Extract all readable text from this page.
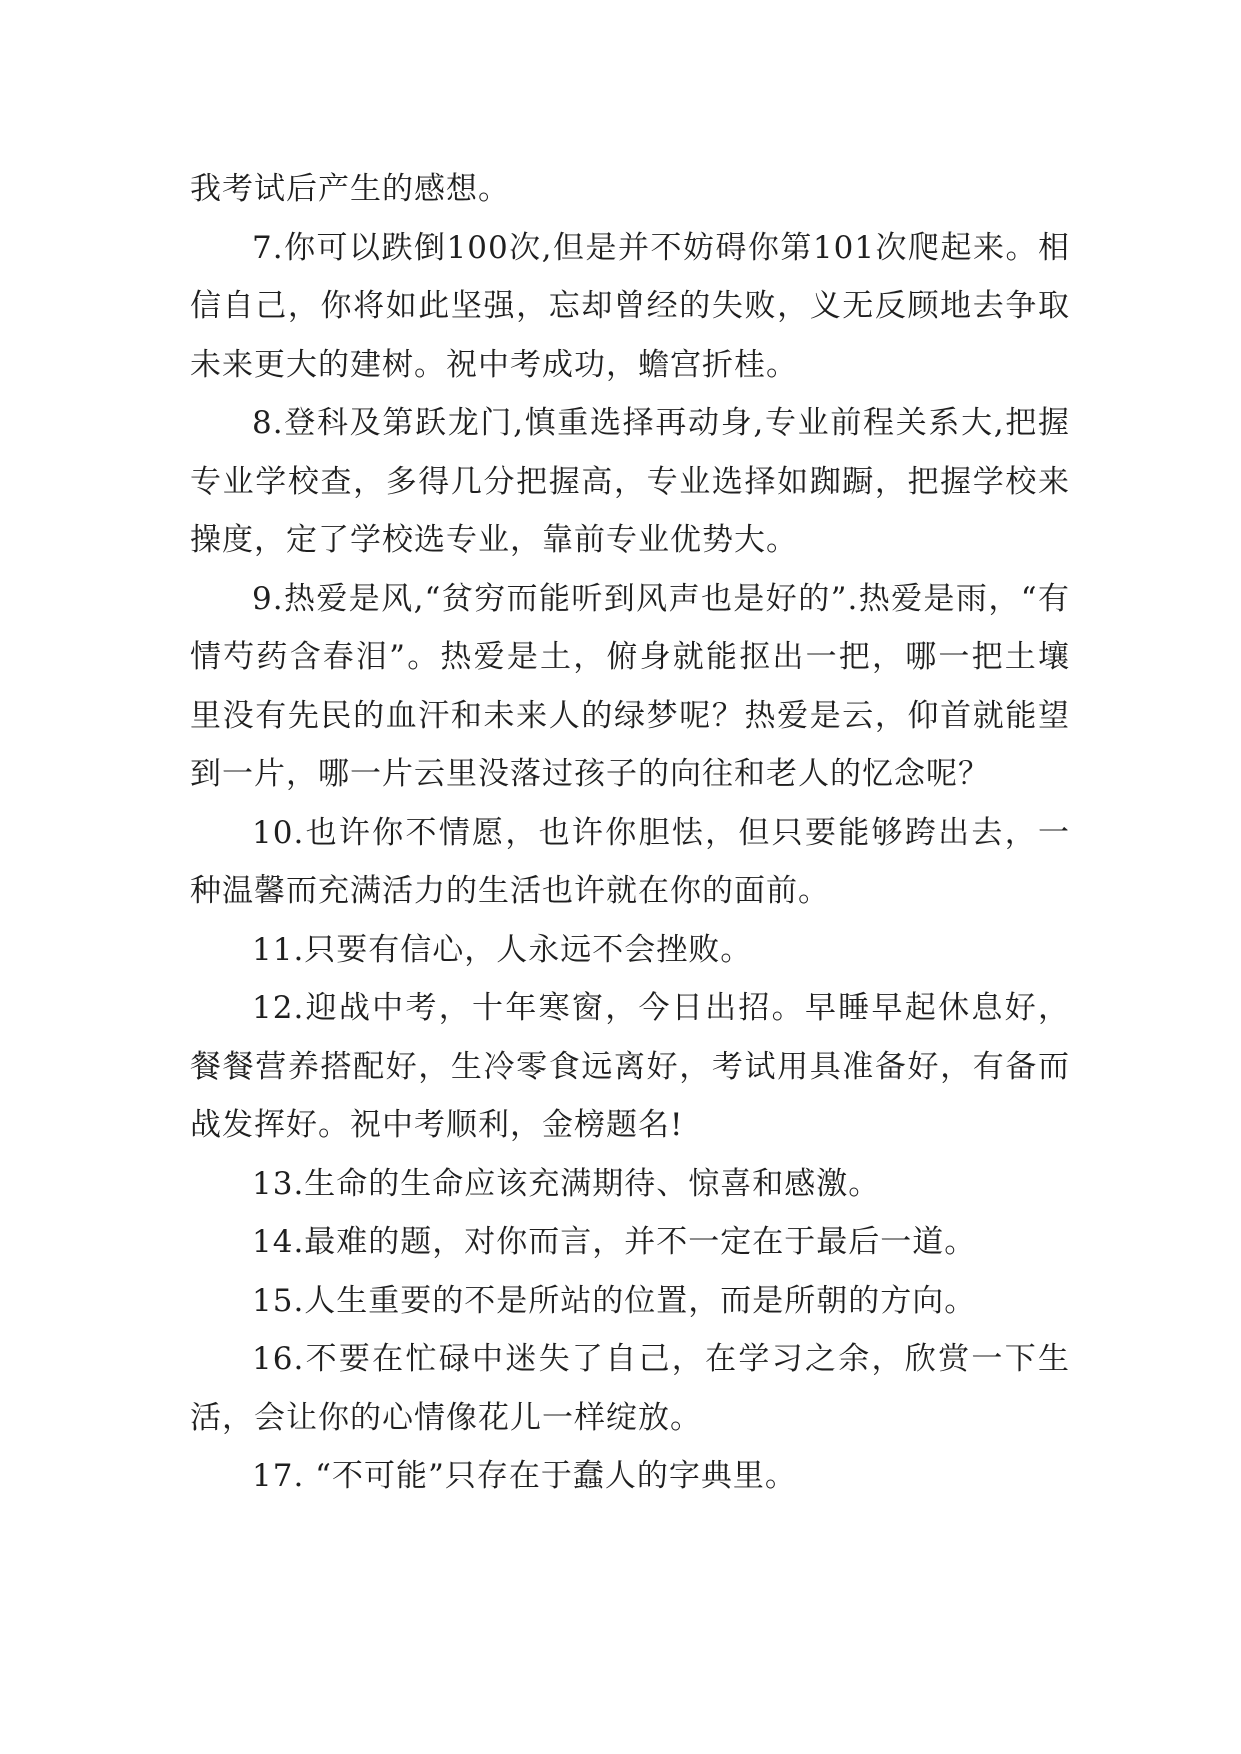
我考试后产生的感想。

7.你可以跌倒100次,但是并不妨碍你第101次爬起来。相信自己，你将如此坚强，忘却曾经的失败，义无反顾地去争取未来更大的建树。祝中考成功，蟾宫折桂。

8.登科及第跃龙门,慎重选择再动身,专业前程关系大,把握专业学校查，多得几分把握高，专业选择如踟蹰，把握学校来操度，定了学校选专业，靠前专业优势大。

9.热爱是风,“贫穷而能听到风声也是好的”.热爱是雨，“有情芍药含春泪”。热爱是土，俯身就能抠出一把，哪一把土壤里没有先民的血汗和未来人的绿梦呢？热爱是云，仰首就能望到一片，哪一片云里没落过孩子的向往和老人的忆念呢？

10.也许你不情愿，也许你胆怯，但只要能够跨出去，一种温馨而充满活力的生活也许就在你的面前。

11.只要有信心，人永远不会挫败。

12.迎战中考，十年寒窗，今日出招。早睡早起休息好，餐餐营养搭配好，生冷零食远离好，考试用具准备好，有备而战发挥好。祝中考顺利，金榜题名!

13.生命的生命应该充满期待、惊喜和感激。

14.最难的题，对你而言，并不一定在于最后一道。

15.人生重要的不是所站的位置，而是所朝的方向。

16.不要在忙碌中迷失了自己，在学习之余，欣赏一下生活，会让你的心情像花儿一样绽放。

17. “不可能”只存在于蠢人的字典里。
